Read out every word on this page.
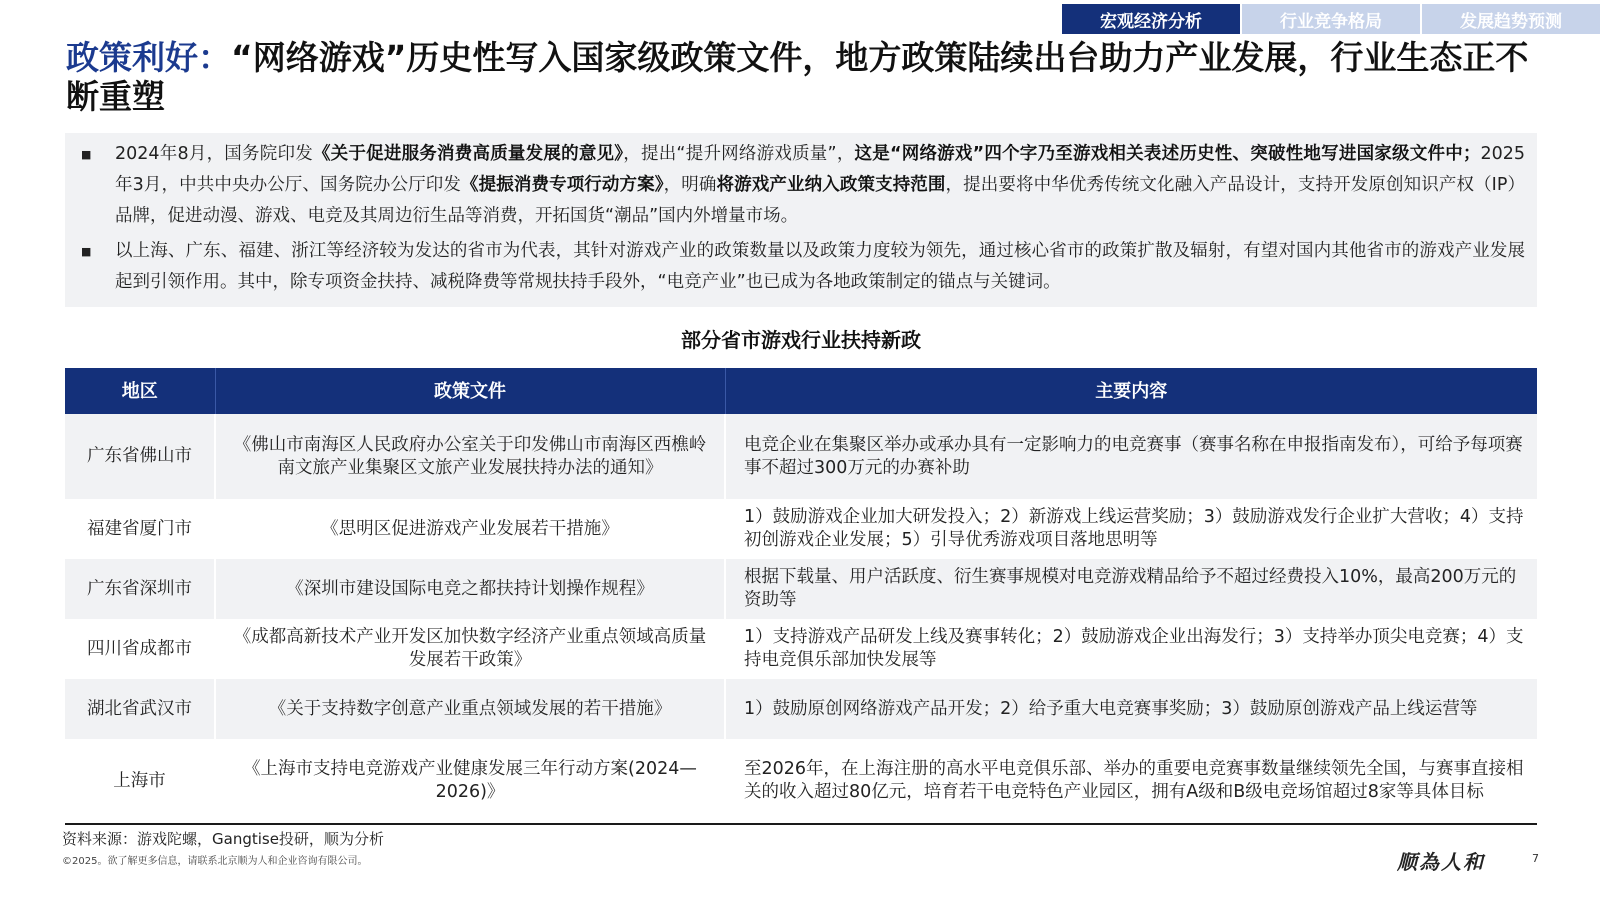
宏观经济分析	行业竞争格局	发展趋势预测
政策利好：“网络游戏”历史性写入国家级政策文件，地方政策陆续出台助力产业发展，行业生态正不断重塑
■	2024年8月，国务院印发《关于促进服务消费高质量发展的意见》，提出“提升网络游戏质量”，这是“网络游戏”四个字乃至游戏相关表述历史性、突破性地写进国家级文件中；2025年3月，中共中央办公厅、国务院办公厅印发《提振消费专项行动方案》，明确将游戏产业纳入政策支持范围，提出要将中华优秀传统文化融入产品设计，支持开发原创知识产权（IP）品牌，促进动漫、游戏、电竞及其周边衍生品等消费，开拓国货“潮品”国内外增量市场。
■	以上海、广东、福建、浙江等经济较为发达的省市为代表，其针对游戏产业的政策数量以及政策力度较为领先，通过核心省市的政策扩散及辐射，有望对国内其他省市的游戏产业发展起到引领作用。其中，除专项资金扶持、减税降费等常规扶持手段外，“电竞产业”也已成为各地政策制定的锚点与关键词。
部分省市游戏行业扶持新政
地区	政策文件	主要内容
广东省佛山市	《佛山市南海区人民政府办公室关于印发佛山市南海区西樵岭南文旅产业集聚区文旅产业发展扶持办法的通知》	电竞企业在集聚区举办或承办具有一定影响力的电竞赛事（赛事名称在申报指南发布），可给予每项赛事不超过300万元的办赛补助
福建省厦门市	《思明区促进游戏产业发展若干措施》	1）鼓励游戏企业加大研发投入；2）新游戏上线运营奖励；3）鼓励游戏发行企业扩大营收；4）支持初创游戏企业发展；5）引导优秀游戏项目落地思明等
广东省深圳市	《深圳市建设国际电竞之都扶持计划操作规程》	根据下载量、用户活跃度、衍生赛事规模对电竞游戏精品给予不超过经费投入10%，最高200万元的资助等
四川省成都市	《成都高新技术产业开发区加快数字经济产业重点领域高质量发展若干政策》	1）支持游戏产品研发上线及赛事转化；2）鼓励游戏企业出海发行；3）支持举办顶尖电竞赛；4）支持电竞俱乐部加快发展等
湖北省武汉市	《关于支持数字创意产业重点领域发展的若干措施》	1）鼓励原创网络游戏产品开发；2）给予重大电竞赛事奖励；3）鼓励原创游戏产品上线运营等
上海市	《上海市支持电竞游戏产业健康发展三年行动方案(2024—2026)》	至2026年，在上海注册的高水平电竞俱乐部、举办的重要电竞赛事数量继续领先全国，与赛事直接相关的收入超过80亿元，培育若干电竞特色产业园区，拥有A级和B级电竞场馆超过8家等具体目标
资料来源：游戏陀螺，Gangtise投研，顺为分析
©2025。欲了解更多信息，请联系北京顺为人和企业咨询有限公司。	顺為人和	7
